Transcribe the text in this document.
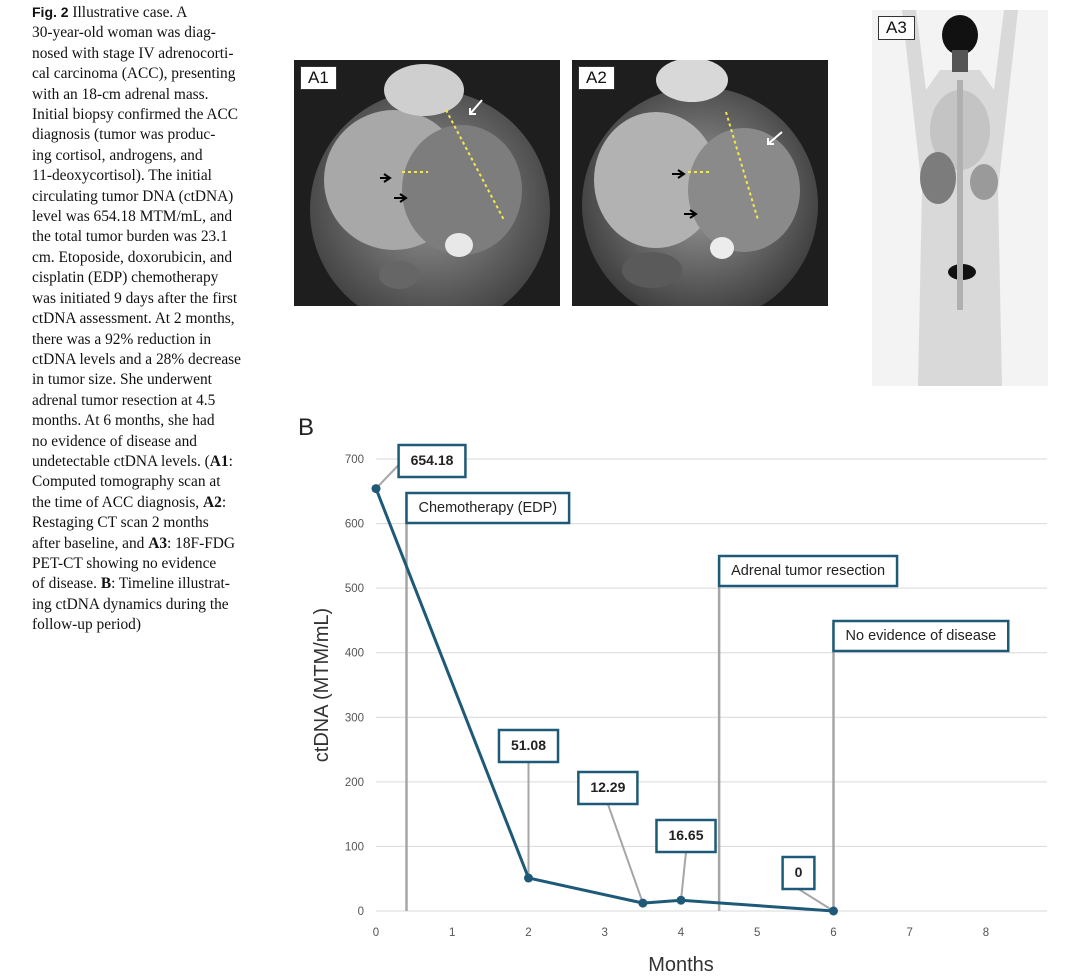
Fig. 2 Illustrative case. A
30-year-old woman was diag-
nosed with stage IV adrenocorti-
cal carcinoma (ACC), presenting
with an 18-cm adrenal mass.
Initial biopsy confirmed the ACC
diagnosis (tumor was produc-
ing cortisol, androgens, and
11-deoxycortisol). The initial
circulating tumor DNA (ctDNA)
level was 654.18 MTM/mL, and
the total tumor burden was 23.1
cm. Etoposide, doxorubicin, and
cisplatin (EDP) chemotherapy
was initiated 9 days after the first
ctDNA assessment. At 2 months,
there was a 92% reduction in
ctDNA levels and a 28% decrease
in tumor size. She underwent
adrenal tumor resection at 4.5
months. At 6 months, she had
no evidence of disease and
undetectable ctDNA levels. (A1:
Computed tomography scan at
the time of ACC diagnosis, A2:
Restaging CT scan 2 months
after baseline, and A3: 18F-FDG
PET-CT showing no evidence
of disease. B: Timeline illustrat-
ing ctDNA dynamics during the
follow-up period)
A1	A2
A3
B
0
100
200
300
400
500
600
700
0	1	2	3	4	5	6	7	8
Chemotherapy (EDP)
Adrenal tumor resection
No evidence of disease
654.18
51.08
12.29
16.65
0
ctDNA (MTM/mL)
Months
